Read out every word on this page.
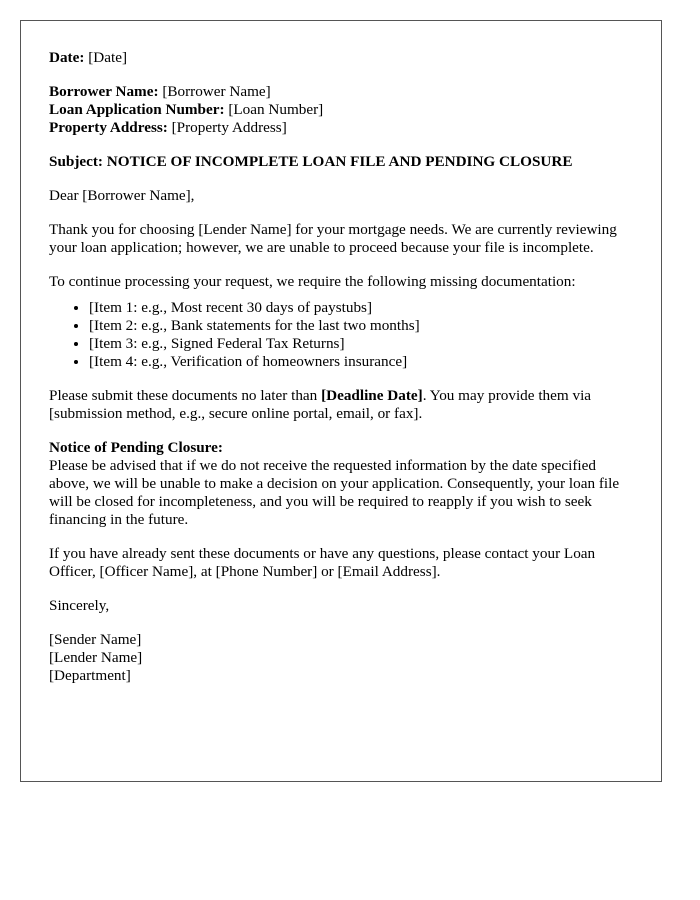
Date: [Date]

Borrower Name: [Borrower Name]

Loan Application Number: [Loan Number]

Property Address: [Property Address]

Subject: NOTICE OF INCOMPLETE LOAN FILE AND PENDING CLOSURE

Dear [Borrower Name],

Thank you for choosing [Lender Name] for your mortgage needs. We are currently reviewing your loan application; however, we are unable to proceed because your file is incomplete.

To continue processing your request, we require the following missing documentation:

• [Item 1: e.g., Most recent 30 days of paystubs]
• [Item 2: e.g., Bank statements for the last two months]
• [Item 3: e.g., Signed Federal Tax Returns]
• [Item 4: e.g., Verification of homeowners insurance]

Please submit these documents no later than [Deadline Date]. You may provide them via [submission method, e.g., secure online portal, email, or fax].

Notice of Pending Closure:

Please be advised that if we do not receive the requested information by the date specified above, we will be unable to make a decision on your application. Consequently, your loan file will be closed for incompleteness, and you will be required to reapply if you wish to seek financing in the future.

If you have already sent these documents or have any questions, please contact your Loan Officer, [Officer Name], at [Phone Number] or [Email Address].

Sincerely,

[Sender Name]

[Lender Name]

[Department]
